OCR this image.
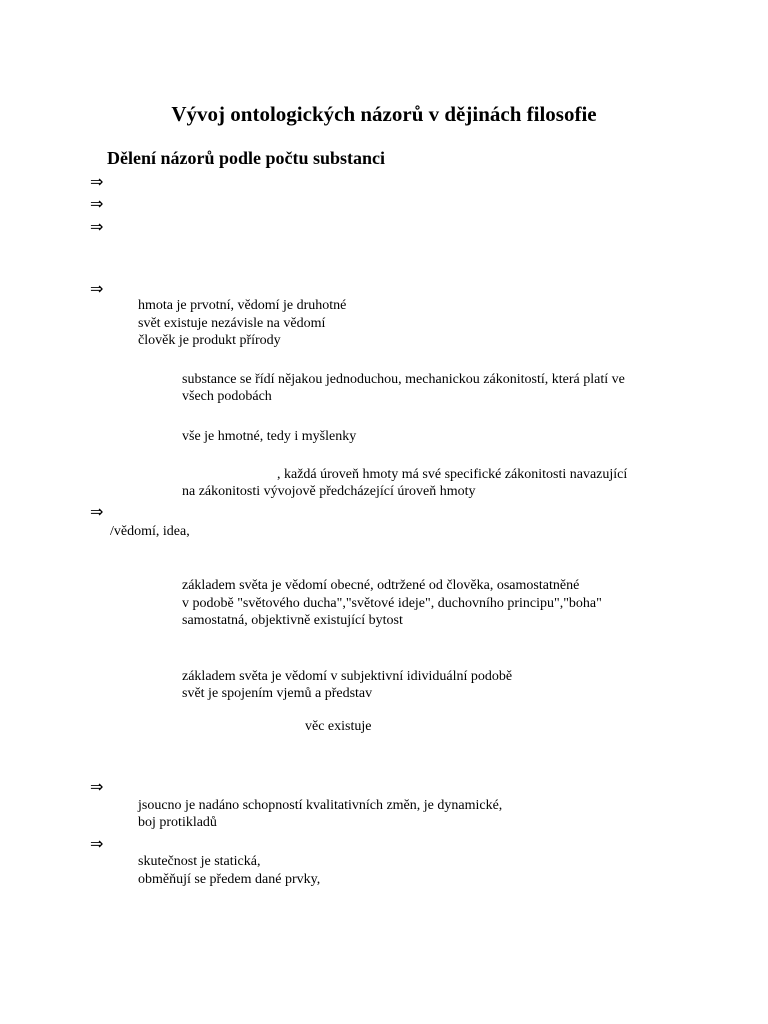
Vývoj ontologických názorů v dějinách filosofie
Dělení názorů podle počtu substanci
⇒
⇒
⇒
⇒
hmota je prvotní, vědomí je druhotné
svět existuje nezávisle na vědomí
člověk je produkt přírody
substance se řídí nějakou jednoduchou, mechanickou zákonitostí, která platí ve
všech podobách
vše je hmotné, tedy i myšlenky
, každá úroveň hmoty má své specifické zákonitosti navazující
na zákonitosti vývojově předcházející úroveň hmoty
⇒
/vědomí, idea,
základem světa je vědomí obecné, odtržené od člověka, osamostatněné
v podobě "světového ducha","světové ideje", duchovního principu","boha"
samostatná, objektivně existující bytost
základem světa je vědomí v subjektivní idividuální podobě
svět je spojením vjemů a představ
věc existuje
⇒
jsoucno je nadáno schopností kvalitativních změn, je dynamické,
boj protikladů
⇒
skutečnost je statická,
obměňují se předem dané prvky,
